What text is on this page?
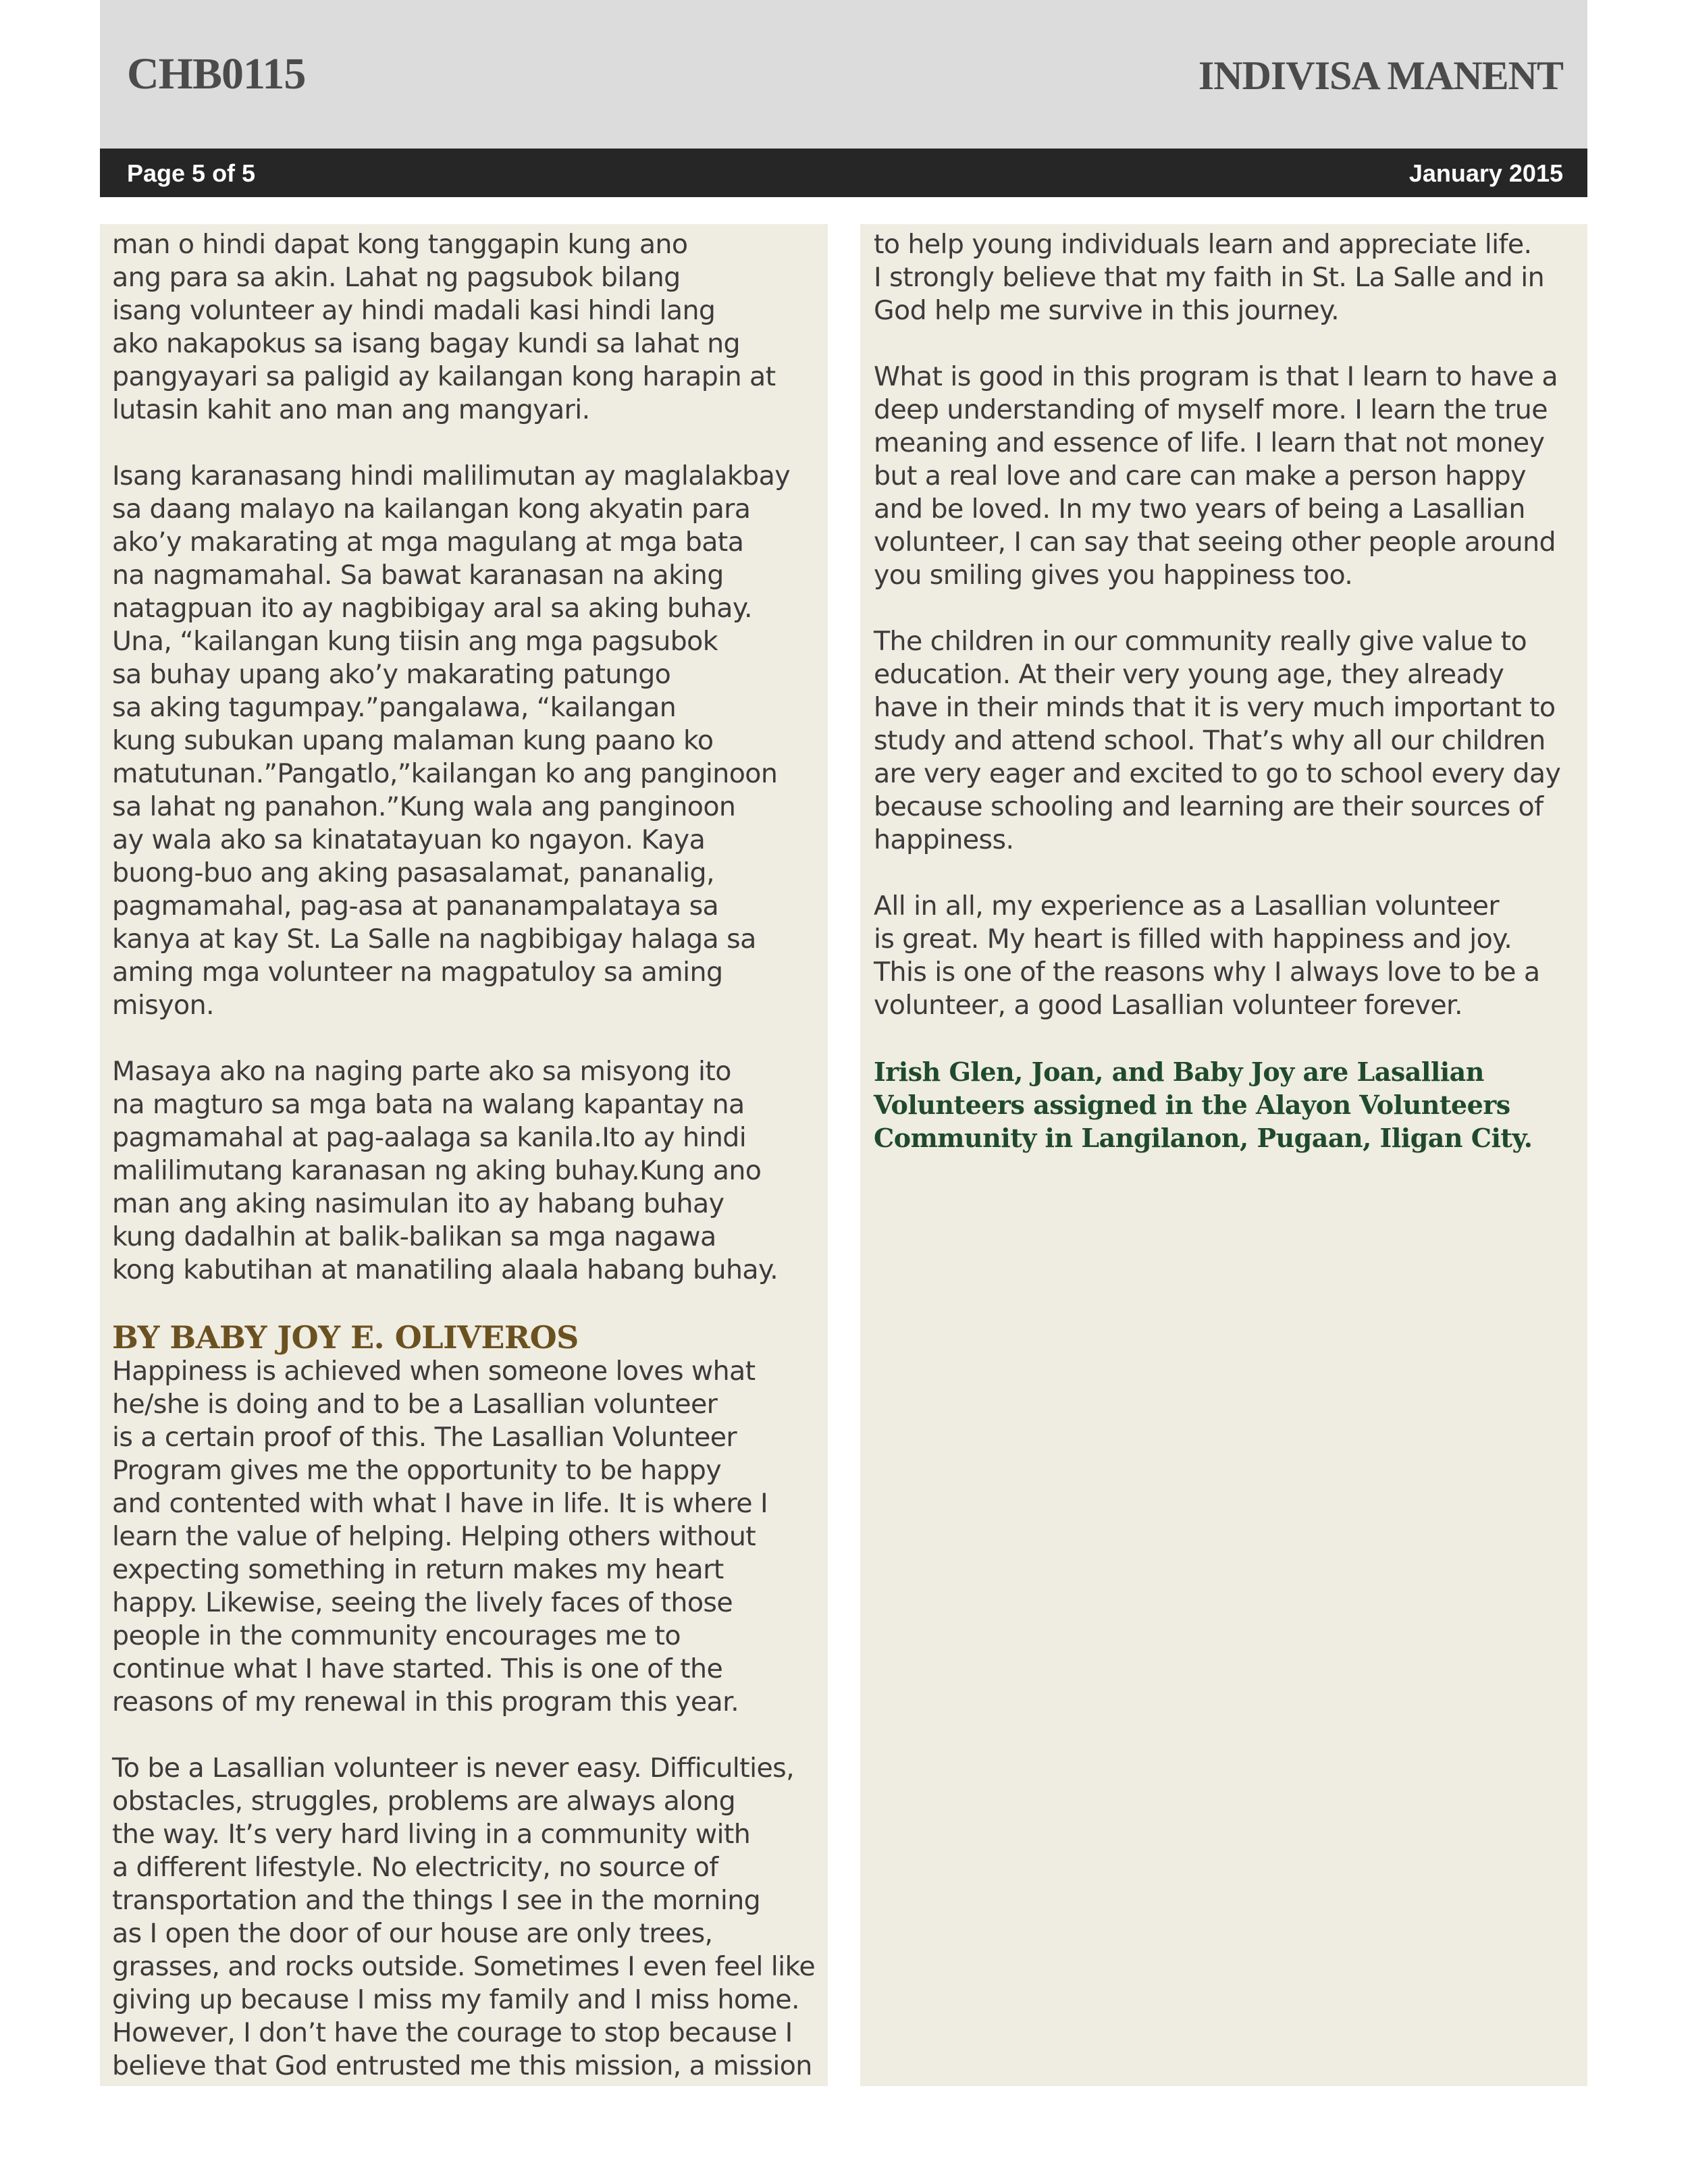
CHB0115	INDIVISA MANENT
Page 5 of 5	January 2015

man o hindi dapat kong tanggapin kung ano
ang para sa akin. Lahat ng pagsubok bilang
isang volunteer ay hindi madali kasi hindi lang
ako nakapokus sa isang bagay kundi sa lahat ng
pangyayari sa paligid ay kailangan kong harapin at
lutasin kahit ano man ang mangyari.

Isang karanasang hindi malilimutan ay maglalakbay
sa daang malayo na kailangan kong akyatin para
ako’y makarating at mga magulang at mga bata
na nagmamahal. Sa bawat karanasan na aking
natagpuan ito ay nagbibigay aral sa aking buhay.
Una, “kailangan kung tiisin ang mga pagsubok
sa buhay upang ako’y makarating patungo
sa aking tagumpay.”pangalawa, “kailangan
kung subukan upang malaman kung paano ko
matutunan.”Pangatlo,”kailangan ko ang panginoon
sa lahat ng panahon.”Kung wala ang panginoon
ay wala ako sa kinatatayuan ko ngayon. Kaya
buong-buo ang aking pasasalamat, pananalig,
pagmamahal, pag-asa at pananampalataya sa
kanya at kay St. La Salle na nagbibigay halaga sa
aming mga volunteer na magpatuloy sa aming
misyon.

Masaya ako na naging parte ako sa misyong ito
na magturo sa mga bata na walang kapantay na
pagmamahal at pag-aalaga sa kanila.Ito ay hindi
malilimutang karanasan ng aking buhay.Kung ano
man ang aking nasimulan ito ay habang buhay
kung dadalhin at balik-balikan sa mga nagawa
kong kabutihan at manatiling alaala habang buhay.

BY BABY JOY E. OLIVEROS

Happiness is achieved when someone loves what
he/she is doing and to be a Lasallian volunteer
is a certain proof of this. The Lasallian Volunteer
Program gives me the opportunity to be happy
and contented with what I have in life. It is where I
learn the value of helping. Helping others without
expecting something in return makes my heart
happy. Likewise, seeing the lively faces of those
people in the community encourages me to
continue what I have started. This is one of the
reasons of my renewal in this program this year.

To be a Lasallian volunteer is never easy. Difficulties,
obstacles, struggles, problems are always along
the way. It’s very hard living in a community with
a different lifestyle. No electricity, no source of
transportation and the things I see in the morning
as I open the door of our house are only trees,
grasses, and rocks outside. Sometimes I even feel like
giving up because I miss my family and I miss home.
However, I don’t have the courage to stop because I
believe that God entrusted me this mission, a mission

to help young individuals learn and appreciate life.
I strongly believe that my faith in St. La Salle and in
God help me survive in this journey.

What is good in this program is that I learn to have a
deep understanding of myself more. I learn the true
meaning and essence of life. I learn that not money
but a real love and care can make a person happy
and be loved. In my two years of being a Lasallian
volunteer, I can say that seeing other people around
you smiling gives you happiness too.

The children in our community really give value to
education. At their very young age, they already
have in their minds that it is very much important to
study and attend school. That’s why all our children
are very eager and excited to go to school every day
because schooling and learning are their sources of
happiness.

All in all, my experience as a Lasallian volunteer
is great. My heart is filled with happiness and joy.
This is one of the reasons why I always love to be a
volunteer, a good Lasallian volunteer forever.

Irish Glen, Joan, and Baby Joy are Lasallian
Volunteers assigned in the Alayon Volunteers
Community in Langilanon, Pugaan, Iligan City.
